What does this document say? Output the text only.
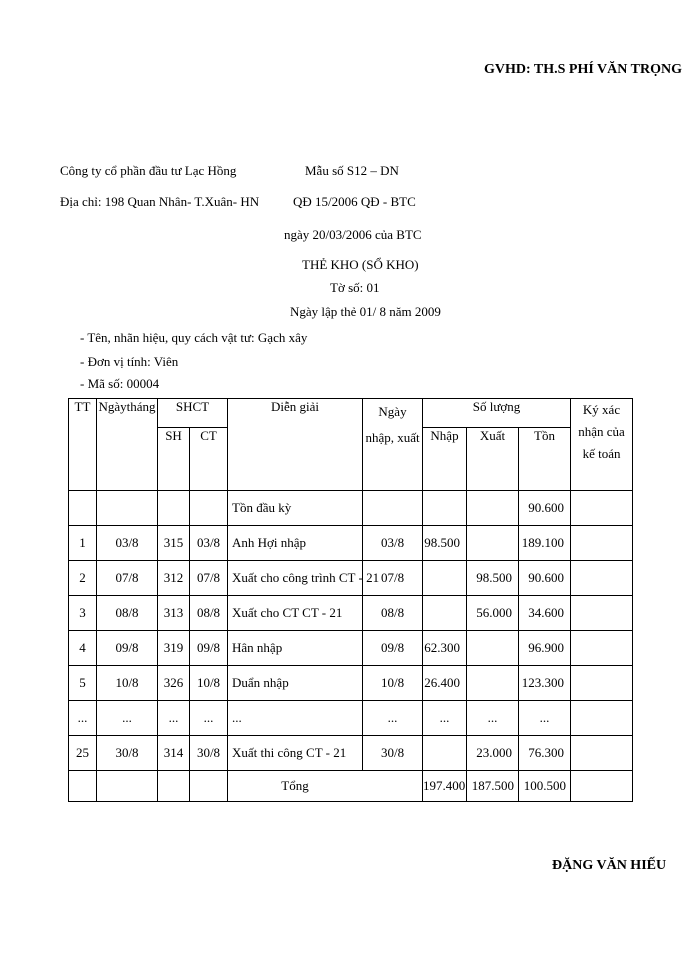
GVHD: TH.S PHÍ VĂN TRỌNG
Công ty cổ phần đầu tư Lạc Hồng
Địa chỉ: 198 Quan Nhân- T.Xuân- HN
Mẫu số S12 – DN
QĐ 15/2006 QĐ - BTC
ngày 20/03/2006 của BTC
THẺ KHO (SỔ KHO)
Tờ số: 01
Ngày lập thẻ 01/ 8 năm 2009
- Tên, nhãn hiệu, quy cách vật tư: Gạch xây
- Đơn vị tính: Viên
- Mã số: 00004
TT	Ngàytháng	SHCT		Diễn giải	Ngày nhập, xuất	Số lượng			Ký xác nhận của kế toán
		SH	CT			Nhập	Xuất	Tồn	
				Tồn đầu kỳ				90.600	
1	03/8	315	03/8	Anh Hợi nhập	03/8	98.500		189.100	
2	07/8	312	07/8	Xuất cho công trình CT - 21	07/8		98.500	90.600	
3	08/8	313	08/8	Xuất cho CT CT - 21	08/8		56.000	34.600	
4	09/8	319	09/8	Hân nhập	09/8	62.300		96.900	
5	10/8	326	10/8	Duẩn nhập	10/8	26.400		123.300	
...	...	...	...	...	...	...	...	...	
25	30/8	314	30/8	Xuất thi công CT - 21	30/8		23.000	76.300	
				Tổng		197.400	187.500	100.500	
ĐẶNG VĂN HIẾU
